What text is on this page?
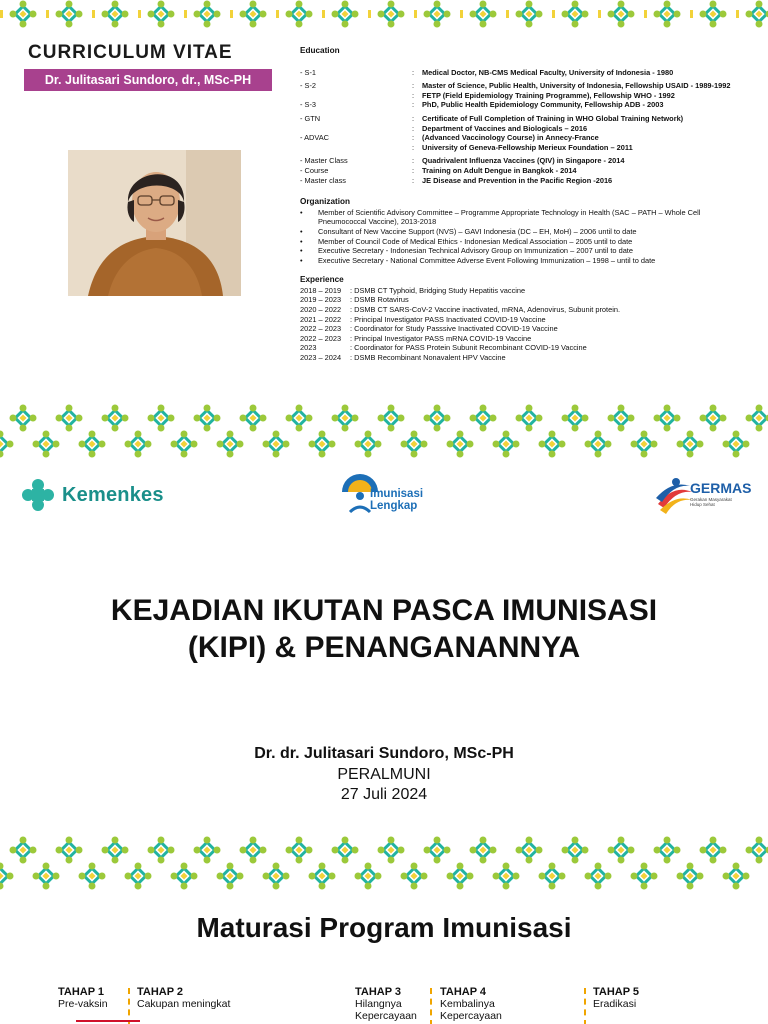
CURRICULUM VITAE
Dr. Julitasari Sundoro, dr., MSc-PH
Education
- S-1	:	Medical Doctor, NB-CMS Medical Faculty, University of Indonesia - 1980
- S-2	:	Master of Science, Public Health, University of Indonesia, Fellowship USAID - 1989-1992
:	FETP (Field Epidemiology Training Programme), Fellowship WHO - 1992
- S-3	:	PhD, Public Health Epidemiology Community, Fellowship ADB - 2003
- GTN	:	Certificate of Full Completion of Training in WHO Global Training Network)
:	Department of Vaccines and Biologicals – 2016
- ADVAC	:	(Advanced Vaccinology Course) in Annecy-France
:	University of Geneva-Fellowship Merieux Foundation – 2011
- Master Class	:	Quadrivalent Influenza Vaccines (QIV) in Singapore - 2014
- Course	:	Training on Adult Dengue in Bangkok - 2014
- Master class	:	JE Disease and Prevention in the Pacific Region -2016
Organization
•	Member of Scientific Advisory Committee – Programme Appropriate Technology in Health (SAC – PATH – Whole Cell Pneumococcal Vaccine), 2013-2018
•	Consultant of New Vaccine Support (NVS) – GAVI Indonesia (DC – EH, MoH) – 2006 until to date
•	Member of Council Code of Medical Ethics - Indonesian Medical Association – 2005 until to date
•	Executive Secretary - Indonesian Technical Advisory Group on Immunization – 2007 until to date
•	Executive Secretary - National Committee Adverse Event Following Immunization – 1998 – until to date
Experience
2018 – 2019	: DSMB CT Typhoid, Bridging Study Hepatitis vaccine
2019 – 2023	: DSMB Rotavirus
2020 – 2022	: DSMB CT SARS-CoV-2 Vaccine inactivated, mRNA, Adenovirus, Subunit protein.
2021 – 2022	: Principal Investigator PASS Inactivated COVID-19 Vaccine
2022 – 2023	: Coordinator for Study Passsive Inactivated COVID-19 Vaccine
2022 – 2023	: Principal Investigator PASS mRNA COVID-19 Vaccine
2023	: Coordinator for PASS Protein Subunit Recombinant COVID-19 Vaccine
2023 – 2024	: DSMB Recombinant Nonavalent HPV Vaccine
Kemenkes	Imunisasi
Lengkap
GERMAS
Gerakan Masyarakat Hidup Sehat
KEJADIAN IKUTAN PASCA IMUNISASI
(KIPI) & PENANGANANNYA
Dr. dr. Julitasari Sundoro, MSc-PH
PERALMUNI
27 Juli 2024
Maturasi Program Imunisasi
TAHAP 1
Pre-vaksin
TAHAP 2
Cakupan meningkat
TAHAP 3
Hilangnya
Kepercayaan
TAHAP 4
Kembalinya
Kepercayaan
TAHAP 5
Eradikasi
